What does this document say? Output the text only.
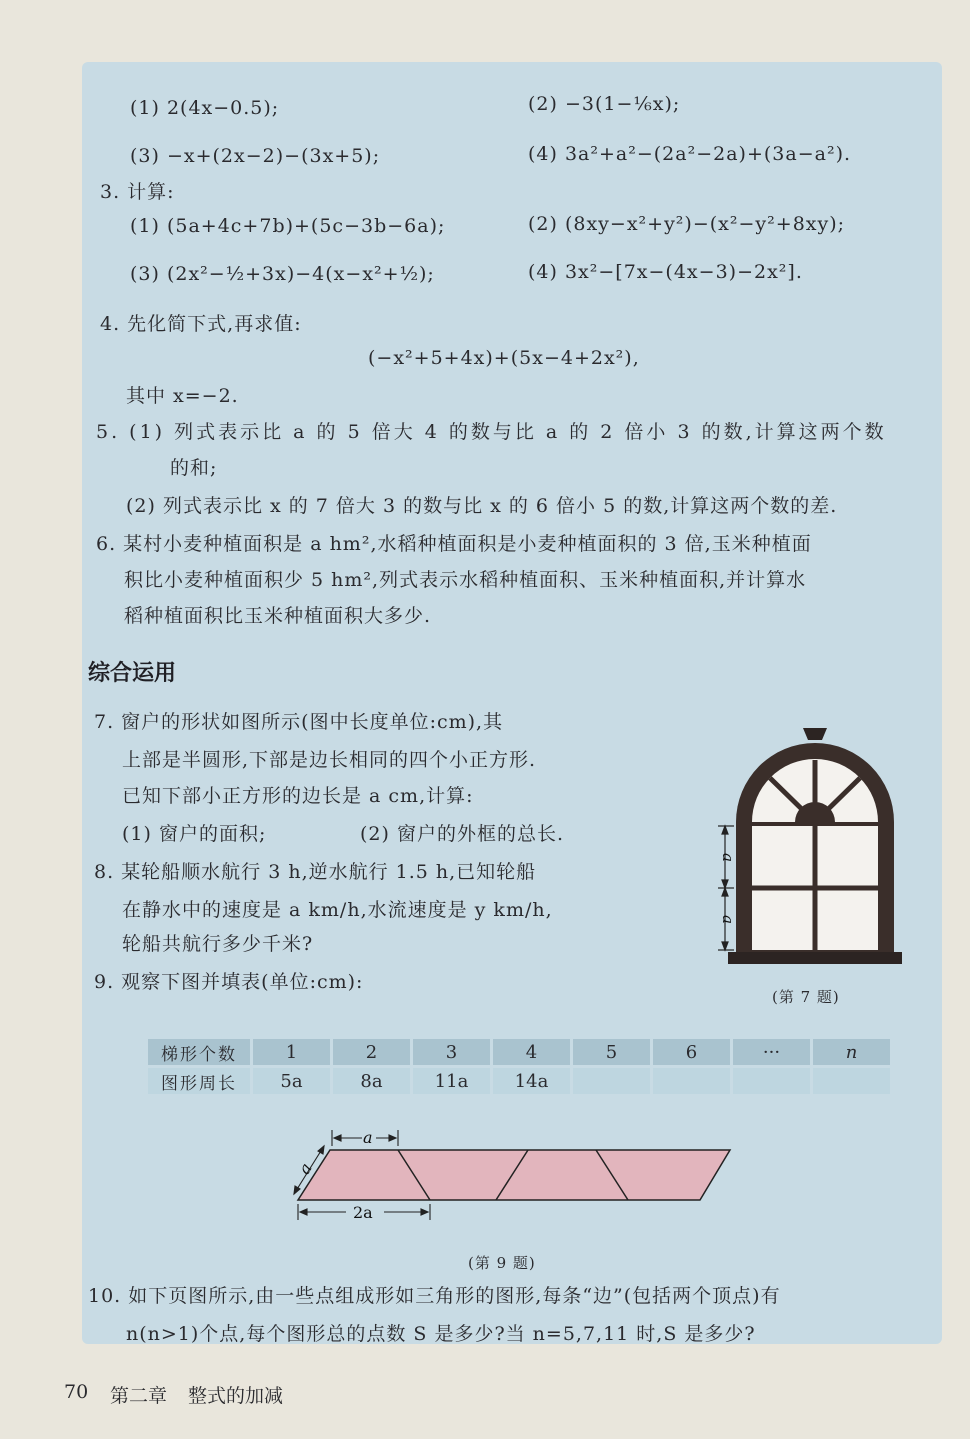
(1) 2(4x−0.5);	(2) −3(1−⅙x);
(3) −x+(2x−2)−(3x+5);	(4) 3a²+a²−(2a²−2a)+(3a−a²).
3. 计算:
(1) (5a+4c+7b)+(5c−3b−6a);	(2) (8xy−x²+y²)−(x²−y²+8xy);
(3) (2x²−½+3x)−4(x−x²+½);	(4) 3x²−[7x−(4x−3)−2x²].
4. 先化简下式,再求值:
(−x²+5+4x)+(5x−4+2x²),
其中 x=−2.
5. (1) 列式表示比 a 的 5 倍大 4 的数与比 a 的 2 倍小 3 的数,计算这两个数
的和;
(2) 列式表示比 x 的 7 倍大 3 的数与比 x 的 6 倍小 5 的数,计算这两个数的差.
6. 某村小麦种植面积是 a hm²,水稻种植面积是小麦种植面积的 3 倍,玉米种植面
积比小麦种植面积少 5 hm²,列式表示水稻种植面积、玉米种植面积,并计算水
稻种植面积比玉米种植面积大多少.
综合运用
7. 窗户的形状如图所示(图中长度单位:cm),其
上部是半圆形,下部是边长相同的四个小正方形.
已知下部小正方形的边长是 a cm,计算:
(1) 窗户的面积;	(2) 窗户的外框的总长.
8. 某轮船顺水航行 3 h,逆水航行 1.5 h,已知轮船
在静水中的速度是 a km/h,水流速度是 y km/h,
轮船共航行多少千米?
9. 观察下图并填表(单位:cm):
a
a
(第 7 题)
梯形个数	1	2	3	4	5	6	···	n
图形周长	5a	8a	11a	14a				
a
a
2a
(第 9 题)
10. 如下页图所示,由一些点组成形如三角形的图形,每条“边”(包括两个顶点)有
n(n>1)个点,每个图形总的点数 S 是多少?当 n=5,7,11 时,S 是多少?
70 第二章 整式的加减
